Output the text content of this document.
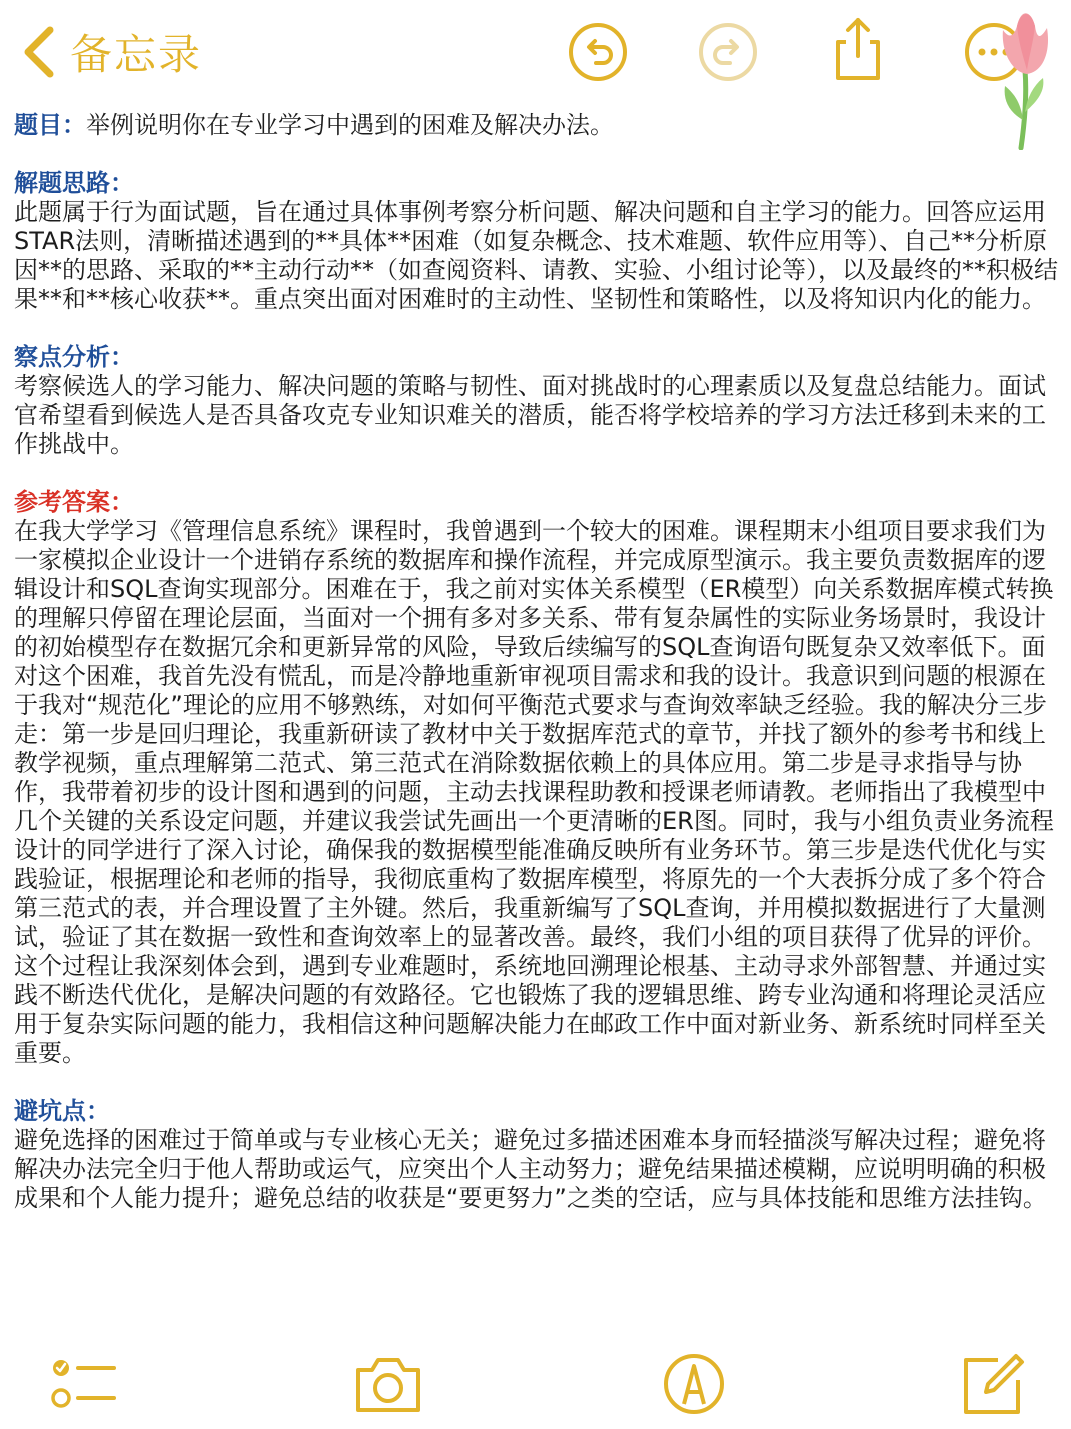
备忘录
题目：举例说明你在专业学习中遇到的困难及解决办法。
解题思路：
此题属于行为面试题，旨在通过具体事例考察分析问题、解决问题和自主学习的能力。回答应运用STAR法则，清晰描述遇到的**具体**困难（如复杂概念、技术难题、软件应用等）、自己**分析原因**的思路、采取的**主动行动**（如查阅资料、请教、实验、小组讨论等），以及最终的**积极结果**和**核心收获**。重点突出面对困难时的主动性、坚韧性和策略性，以及将知识内化的能力。
察点分析：
考察候选人的学习能力、解决问题的策略与韧性、面对挑战时的心理素质以及复盘总结能力。面试官希望看到候选人是否具备攻克专业知识难关的潜质，能否将学校培养的学习方法迁移到未来的工作挑战中。
参考答案：
在我大学学习《管理信息系统》课程时，我曾遇到一个较大的困难。课程期末小组项目要求我们为一家模拟企业设计一个进销存系统的数据库和操作流程，并完成原型演示。我主要负责数据库的逻辑设计和SQL查询实现部分。困难在于，我之前对实体关系模型（ER模型）向关系数据库模式转换的理解只停留在理论层面，当面对一个拥有多对多关系、带有复杂属性的实际业务场景时，我设计的初始模型存在数据冗余和更新异常的风险，导致后续编写的SQL查询语句既复杂又效率低下。面对这个困难，我首先没有慌乱，而是冷静地重新审视项目需求和我的设计。我意识到问题的根源在于我对“规范化”理论的应用不够熟练，对如何平衡范式要求与查询效率缺乏经验。我的解决分三步走：第一步是回归理论，我重新研读了教材中关于数据库范式的章节，并找了额外的参考书和线上教学视频，重点理解第二范式、第三范式在消除数据依赖上的具体应用。第二步是寻求指导与协作，我带着初步的设计图和遇到的问题，主动去找课程助教和授课老师请教。老师指出了我模型中几个关键的关系设定问题，并建议我尝试先画出一个更清晰的ER图。同时，我与小组负责业务流程设计的同学进行了深入讨论，确保我的数据模型能准确反映所有业务环节。第三步是迭代优化与实践验证，根据理论和老师的指导，我彻底重构了数据库模型，将原先的一个大表拆分成了多个符合第三范式的表，并合理设置了主外键。然后，我重新编写了SQL查询，并用模拟数据进行了大量测试，验证了其在数据一致性和查询效率上的显著改善。最终，我们小组的项目获得了优异的评价。这个过程让我深刻体会到，遇到专业难题时，系统地回溯理论根基、主动寻求外部智慧、并通过实践不断迭代优化，是解决问题的有效路径。它也锻炼了我的逻辑思维、跨专业沟通和将理论灵活应用于复杂实际问题的能力，我相信这种问题解决能力在邮政工作中面对新业务、新系统时同样至关重要。
避坑点：
避免选择的困难过于简单或与专业核心无关；避免过多描述困难本身而轻描淡写解决过程；避免将解决办法完全归于他人帮助或运气，应突出个人主动努力；避免结果描述模糊，应说明明确的积极成果和个人能力提升；避免总结的收获是“要更努力”之类的空话，应与具体技能和思维方法挂钩。
